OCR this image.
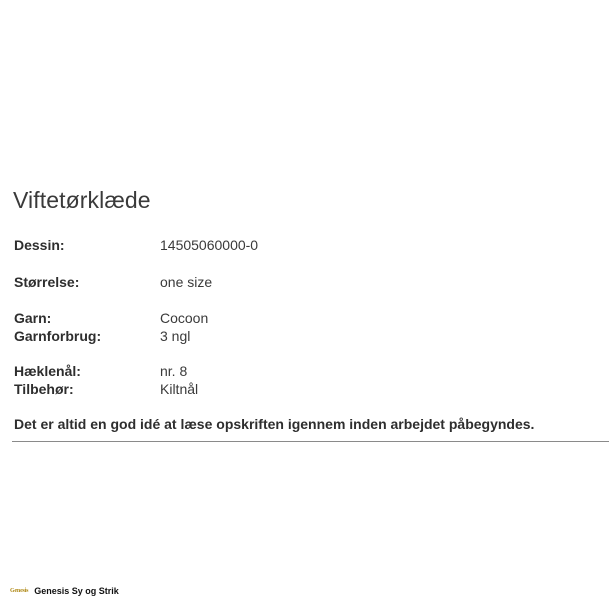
Viftetørklæde
Dessin:	14505060000-0
Størrelse:	one size
Garn:	Cocoon
Garnforbrug:	3 ngl
Hæklenål:	nr. 8
Tilbehør:	Kiltnål
Det er altid en god idé at læse opskriften igennem inden arbejdet påbegyndes.
Genesis Genesis Sy og Strik
